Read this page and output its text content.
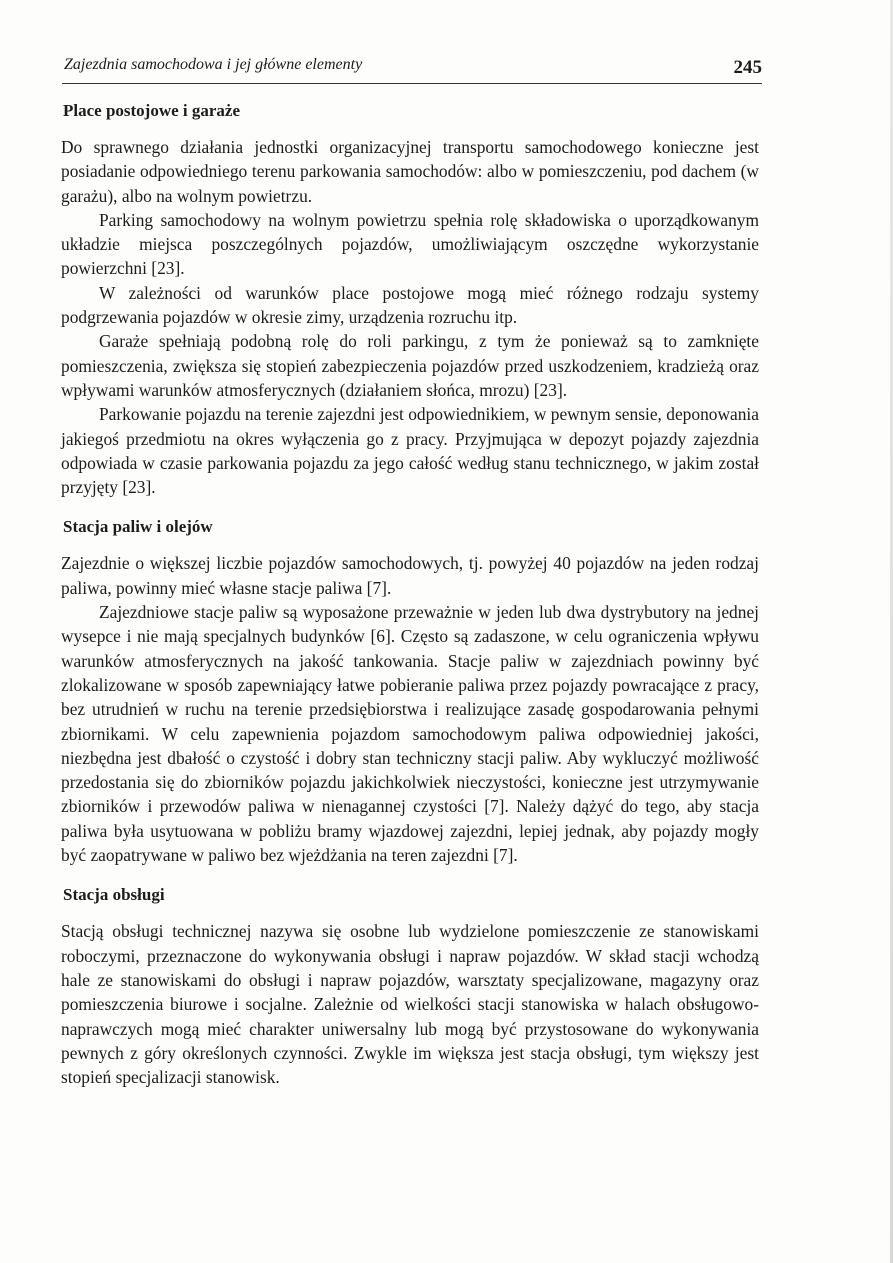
Zajezdnia samochodowa i jej główne elementy	245
Place postojowe i garaże

Do sprawnego działania jednostki organizacyjnej transportu samochodowego konieczne jest posiadanie odpowiedniego terenu parkowania samochodów: albo w pomieszczeniu, pod dachem (w garażu), albo na wolnym powietrzu.

Parking samochodowy na wolnym powietrzu spełnia rolę składowiska o uporządkowanym układzie miejsca poszczególnych pojazdów, umożliwiającym oszczędne wykorzystanie powierzchni [23].

W zależności od warunków place postojowe mogą mieć różnego rodzaju systemy podgrzewania pojazdów w okresie zimy, urządzenia rozruchu itp.

Garaże spełniają podobną rolę do roli parkingu, z tym że ponieważ są to zamknięte pomieszczenia, zwiększa się stopień zabezpieczenia pojazdów przed uszkodzeniem, kradzieżą oraz wpływami warunków atmosferycznych (działaniem słońca, mrozu) [23].

Parkowanie pojazdu na terenie zajezdni jest odpowiednikiem, w pewnym sensie, deponowania jakiegoś przedmiotu na okres wyłączenia go z pracy. Przyjmująca w depozyt pojazdy zajezdnia odpowiada w czasie parkowania pojazdu za jego całość według stanu technicznego, w jakim został przyjęty [23].

Stacja paliw i olejów

Zajezdnie o większej liczbie pojazdów samochodowych, tj. powyżej 40 pojazdów na jeden rodzaj paliwa, powinny mieć własne stacje paliwa [7].

Zajezdniowe stacje paliw są wyposażone przeważnie w jeden lub dwa dystrybutory na jednej wysepce i nie mają specjalnych budynków [6]. Często są zadaszone, w celu ograniczenia wpływu warunków atmosferycznych na jakość tankowania. Stacje paliw w zajezdniach powinny być zlokalizowane w sposób zapewniający łatwe pobieranie paliwa przez pojazdy powracające z pracy, bez utrudnień w ruchu na terenie przedsiębiorstwa i realizujące zasadę gospodarowania pełnymi zbiornikami. W celu zapewnienia pojazdom samochodowym paliwa odpowiedniej jakości, niezbędna jest dbałość o czystość i dobry stan techniczny stacji paliw. Aby wykluczyć możliwość przedostania się do zbiorników pojazdu jakichkolwiek nieczystości, konieczne jest utrzymywanie zbiorników i przewodów paliwa w nienagannej czystości [7]. Należy dążyć do tego, aby stacja paliwa była usytuowana w pobliżu bramy wjazdowej zajezdni, lepiej jednak, aby pojazdy mogły być zaopatrywane w paliwo bez wjeżdżania na teren zajezdni [7].

Stacja obsługi

Stacją obsługi technicznej nazywa się osobne lub wydzielone pomieszczenie ze stanowiskami roboczymi, przeznaczone do wykonywania obsługi i napraw pojazdów. W skład stacji wchodzą hale ze stanowiskami do obsługi i napraw pojazdów, warsztaty specjalizowane, magazyny oraz pomieszczenia biurowe i socjalne. Zależnie od wielkości stacji stanowiska w halach obsługowo-naprawczych mogą mieć charakter uniwersalny lub mogą być przystosowane do wykonywania pewnych z góry określonych czynności. Zwykle im większa jest stacja obsługi, tym większy jest stopień specjalizacji stanowisk.
